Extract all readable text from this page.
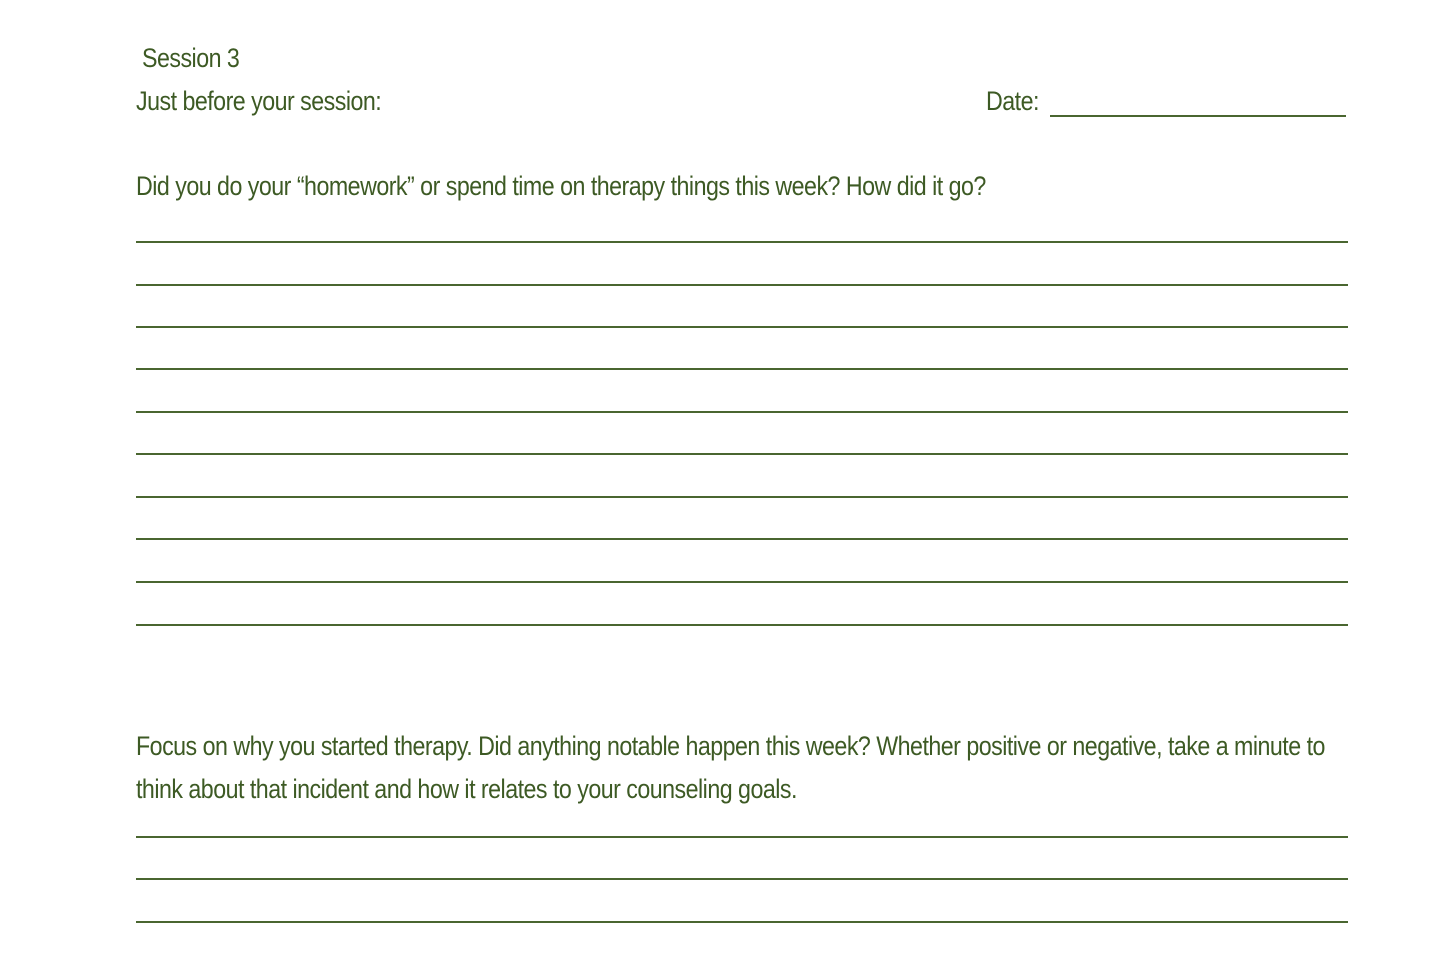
Session 3
Just before your session:	Date:
Did you do your “homework” or spend time on therapy things this week? How did it go?
Focus on why you started therapy. Did anything notable happen this week? Whether positive or negative, take a minute to think about that incident and how it relates to your counseling goals.
